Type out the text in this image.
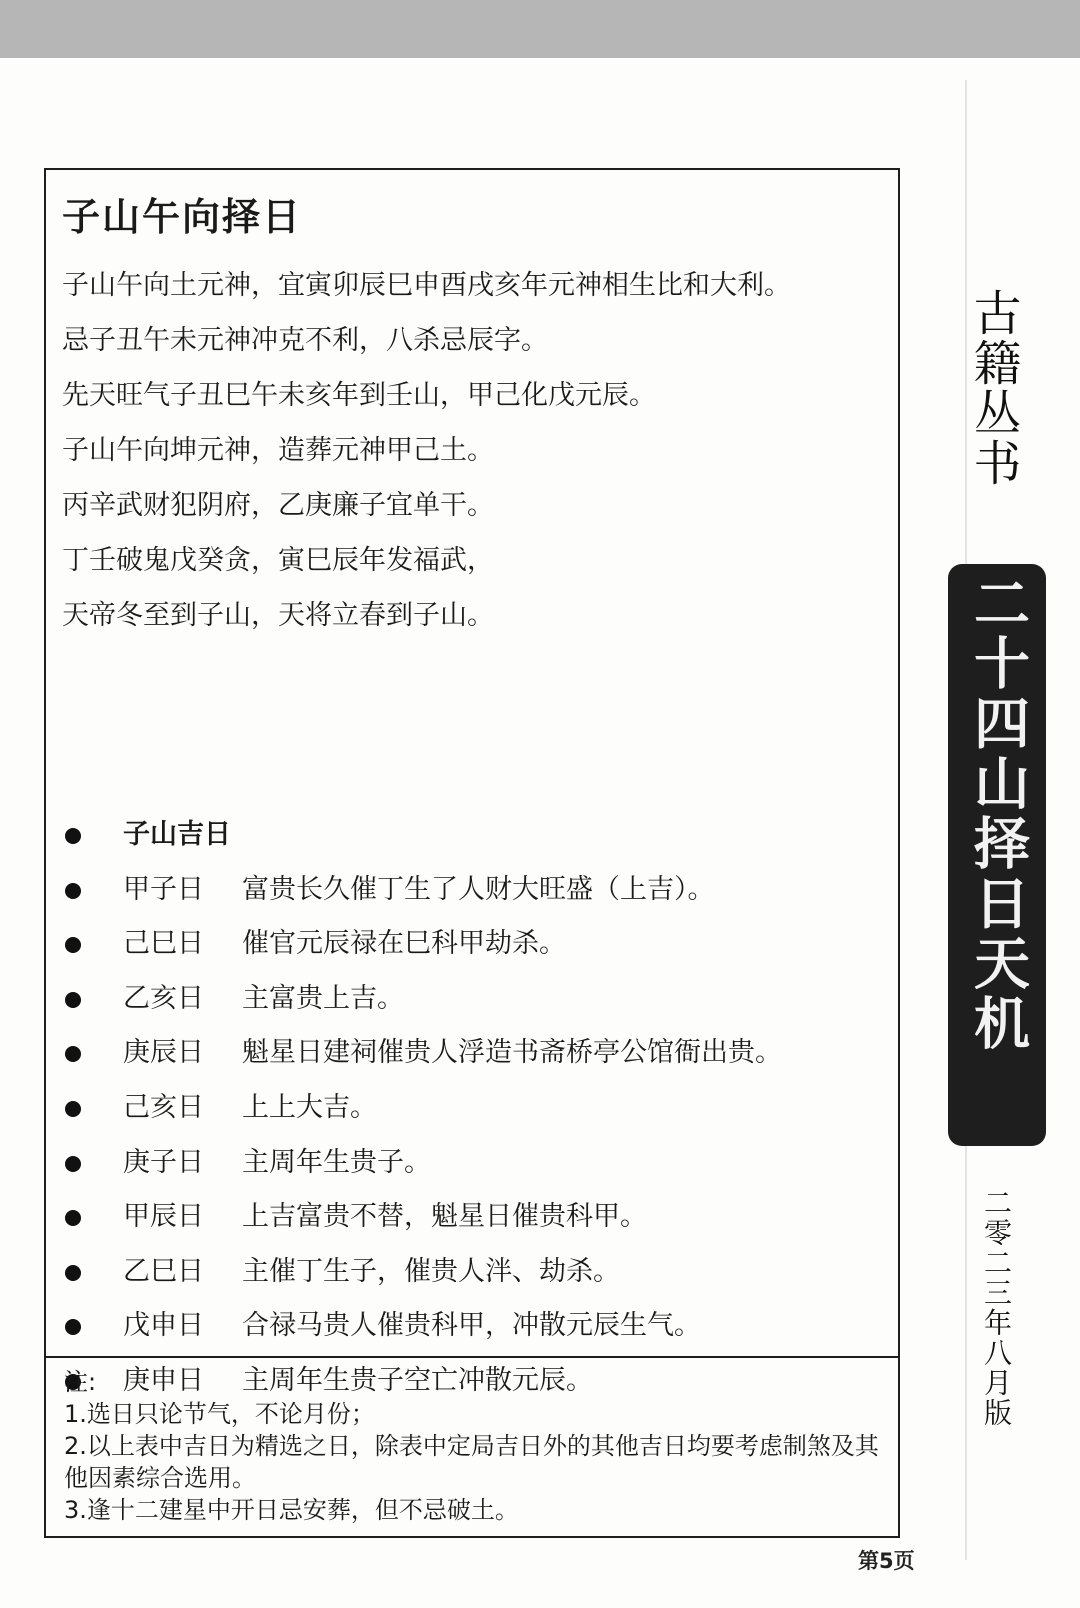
子山午向择日
子山午向土元神，宜寅卯辰巳申酉戌亥年元神相生比和大利。
忌子丑午未元神冲克不利，八杀忌辰字。
先天旺气子丑巳午未亥年到壬山，甲己化戊元辰。
子山午向坤元神，造葬元神甲己土。
丙辛武财犯阴府，乙庚廉子宜单干。
丁壬破鬼戊癸贪，寅巳辰年发福武，
天帝冬至到子山，天将立春到子山。
子山吉日
甲子日 富贵长久催丁生了人财大旺盛（上吉）。
己巳日 催官元辰禄在巳科甲劫杀。
乙亥日 主富贵上吉。
庚辰日 魁星日建祠催贵人浮造书斋桥亭公馆衙出贵。
己亥日 上上大吉。
庚子日 主周年生贵子。
甲辰日 上吉富贵不替，魁星日催贵科甲。
乙巳日 主催丁生子，催贵人泮、劫杀。
戊申日 合禄马贵人催贵科甲，冲散元辰生气。
庚申日 主周年生贵子空亡冲散元辰。

注:

1.选日只论节气，不论月份；

2.以上表中吉日为精选之日，除表中定局吉日外的其他吉日均要考虑制煞及其他因素综合选用。

3.逢十二建星中开日忌安葬，但不忌破土。

古籍丛书
二十四山择日天机
二零二三年八月版
第5页
